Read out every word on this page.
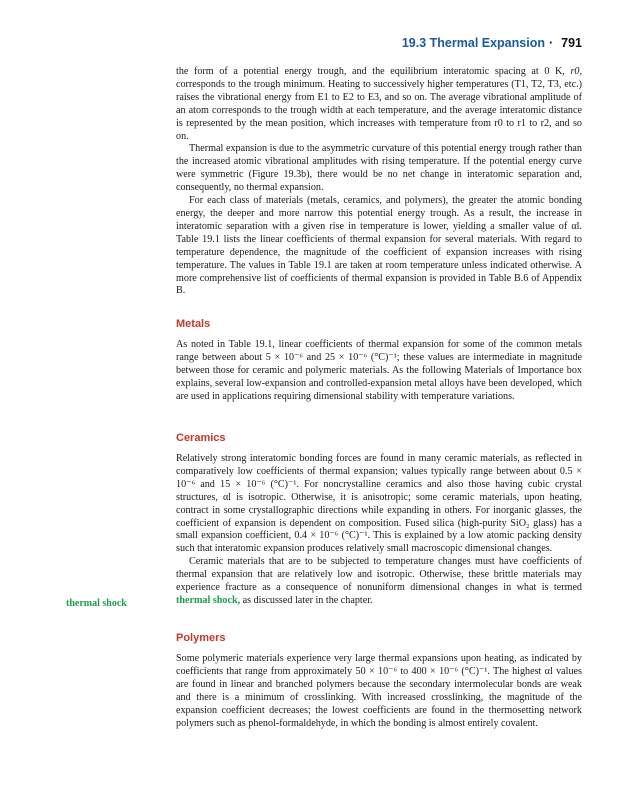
19.3 Thermal Expansion · 791

the form of a potential energy trough, and the equilibrium interatomic spacing at 0 K, r0, corresponds to the trough minimum. Heating to successively higher temperatures (T1, T2, T3, etc.) raises the vibrational energy from E1 to E2 to E3, and so on. The average vibrational amplitude of an atom corresponds to the trough width at each temperature, and the average interatomic distance is represented by the mean position, which increases with temperature from r0 to r1 to r2, and so on.

Thermal expansion is due to the asymmetric curvature of this potential energy trough rather than the increased atomic vibrational amplitudes with rising temperature. If the potential energy curve were symmetric (Figure 19.3b), there would be no net change in interatomic separation and, consequently, no thermal expansion.

For each class of materials (metals, ceramics, and polymers), the greater the atomic bonding energy, the deeper and more narrow this potential energy trough. As a result, the increase in interatomic separation with a given rise in temperature is lower, yielding a smaller value of αl. Table 19.1 lists the linear coefficients of thermal expansion for several materials. With regard to temperature dependence, the magnitude of the coefficient of expansion increases with rising temperature. The values in Table 19.1 are taken at room temperature unless indicated otherwise. A more comprehensive list of coefficients of thermal expansion is provided in Table B.6 of Appendix B.

Metals

As noted in Table 19.1, linear coefficients of thermal expansion for some of the common metals range between about 5 × 10⁻⁶ and 25 × 10⁻⁶ (°C)⁻¹; these values are intermediate in magnitude between those for ceramic and polymeric materials. As the following Materials of Importance box explains, several low-expansion and controlled-expansion metal alloys have been developed, which are used in applications requiring dimensional stability with temperature variations.

Ceramics

Relatively strong interatomic bonding forces are found in many ceramic materials, as reflected in comparatively low coefficients of thermal expansion; values typically range between about 0.5 × 10⁻⁶ and 15 × 10⁻⁶ (°C)⁻¹. For noncrystalline ceramics and also those having cubic crystal structures, αl is isotropic. Otherwise, it is anisotropic; some ceramic materials, upon heating, contract in some crystallographic directions while expanding in others. For inorganic glasses, the coefficient of expansion is dependent on composition. Fused silica (high-purity SiO₂ glass) has a small expansion coefficient, 0.4 × 10⁻⁶ (°C)⁻¹. This is explained by a low atomic packing density such that interatomic expansion produces relatively small macroscopic dimensional changes.

Ceramic materials that are to be subjected to temperature changes must have coefficients of thermal expansion that are relatively low and isotropic. Otherwise, these brittle materials may experience fracture as a consequence of nonuniform dimensional changes in what is termed thermal shock, as discussed later in the chapter.

thermal shock
Polymers

Some polymeric materials experience very large thermal expansions upon heating, as indicated by coefficients that range from approximately 50 × 10⁻⁶ to 400 × 10⁻⁶ (°C)⁻¹. The highest αl values are found in linear and branched polymers because the secondary intermolecular bonds are weak and there is a minimum of crosslinking. With increased crosslinking, the magnitude of the expansion coefficient decreases; the lowest coefficients are found in the thermosetting network polymers such as phenol-formaldehyde, in which the bonding is almost entirely covalent.
